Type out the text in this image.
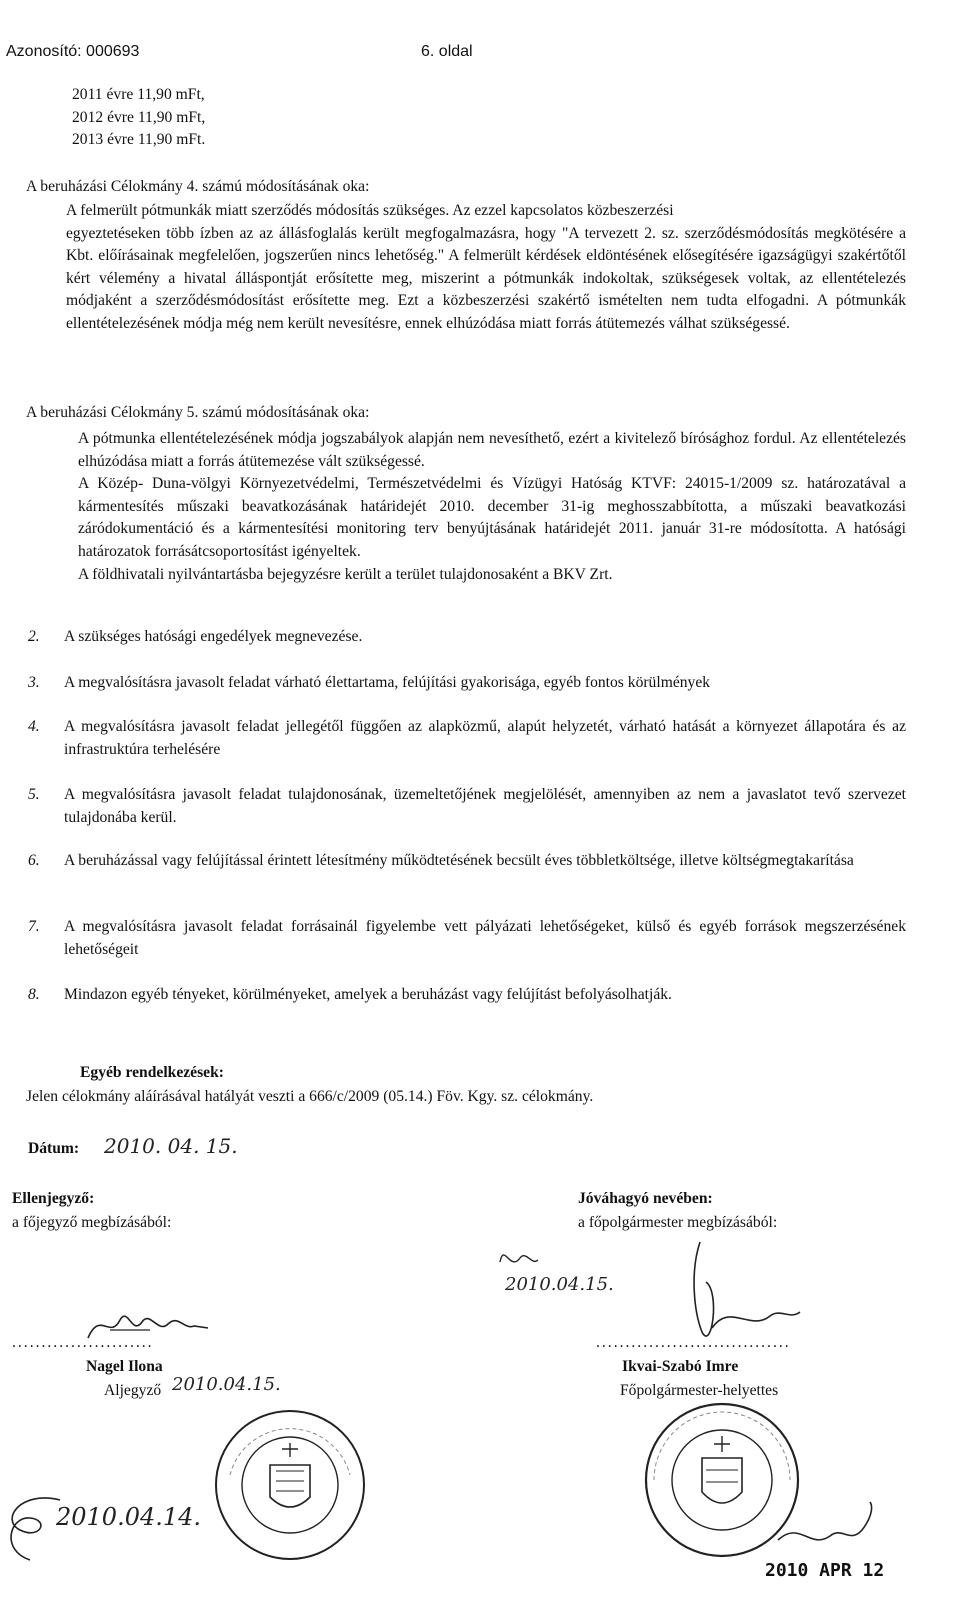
Azonosító: 000693	6. oldal

2011 évre 11,90 mFt,

2012 évre 11,90 mFt,

2013 évre 11,90 mFt.

A beruházási Célokmány 4. számú módosításának oka:

A felmerült pótmunkák miatt szerződés módosítás szükséges. Az ezzel kapcsolatos közbeszerzési

egyeztetéseken több ízben az az állásfoglalás került megfogalmazásra, hogy "A tervezett 2. sz. szerződésmódosítás megkötésére a Kbt. előírásainak megfelelően, jogszerűen nincs lehetőség." A felmerült kérdések eldöntésének elősegítésére igazságügyi szakértőtől kért vélemény a hivatal álláspontját erősítette meg, miszerint a pótmunkák indokoltak, szükségesek voltak, az ellentételezés módjaként a szerződésmódosítást erősítette meg. Ezt a közbeszerzési szakértő ismételten nem tudta elfogadni. A pótmunkák ellentételezésének módja még nem került nevesítésre, ennek elhúzódása miatt forrás átütemezés válhat szükségessé.

A beruházási Célokmány 5. számú módosításának oka:

A pótmunka ellentételezésének módja jogszabályok alapján nem nevesíthető, ezért a kivitelező bírósághoz fordul. Az ellentételezés elhúzódása miatt a forrás átütemezése vált szükségessé.

A Közép- Duna-völgyi Környezetvédelmi, Természetvédelmi és Vízügyi Hatóság KTVF: 24015-1/2009 sz. határozatával a kármentesítés műszaki beavatkozásának határidejét 2010. december 31-ig meghosszabbította, a műszaki beavatkozási záródokumentáció és a kármentesítési monitoring terv benyújtásának határidejét 2011. január 31-re módosította. A hatósági határozatok forrásátcsoportosítást igényeltek.

A földhivatali nyilvántartásba bejegyzésre került a terület tulajdonosaként a BKV Zrt.

2.	A szükséges hatósági engedélyek megnevezése.
3.	A megvalósításra javasolt feladat várható élettartama, felújítási gyakorisága, egyéb fontos körülmények
4.	A megvalósításra javasolt feladat jellegétől függően az alapközmű, alapút helyzetét, várható hatását a környezet állapotára és az infrastruktúra terhelésére
5.	A megvalósításra javasolt feladat tulajdonosának, üzemeltetőjének megjelölését, amennyiben az nem a javaslatot tevő szervezet tulajdonába kerül.
6.	A beruházással vagy felújítással érintett létesítmény működtetésének becsült éves többletköltsége, illetve költségmegtakarítása
7.	A megvalósításra javasolt feladat forrásainál figyelembe vett pályázati lehetőségeket, külső és egyéb források megszerzésének lehetőségeit
8.	Mindazon egyéb tényeket, körülményeket, amelyek a beruházást vagy felújítást befolyásolhatják.
Egyéb rendelkezések:
Jelen célokmány aláírásával hatályát veszti a 666/c/2009 (05.14.) Föv. Kgy. sz. célokmány.
Dátum: 2010. 04. 15.
Ellenjegyző:
a főjegyző megbízásából:
........................
Nagel Ilona
Aljegyző 2010.04.15.
2010.04.14.
Jóváhagyó nevében:
a főpolgármester megbízásából:
2010.04.15.
.................................
Ikvai-Szabó Imre
Főpolgármester-helyettes
2010 APR 12
